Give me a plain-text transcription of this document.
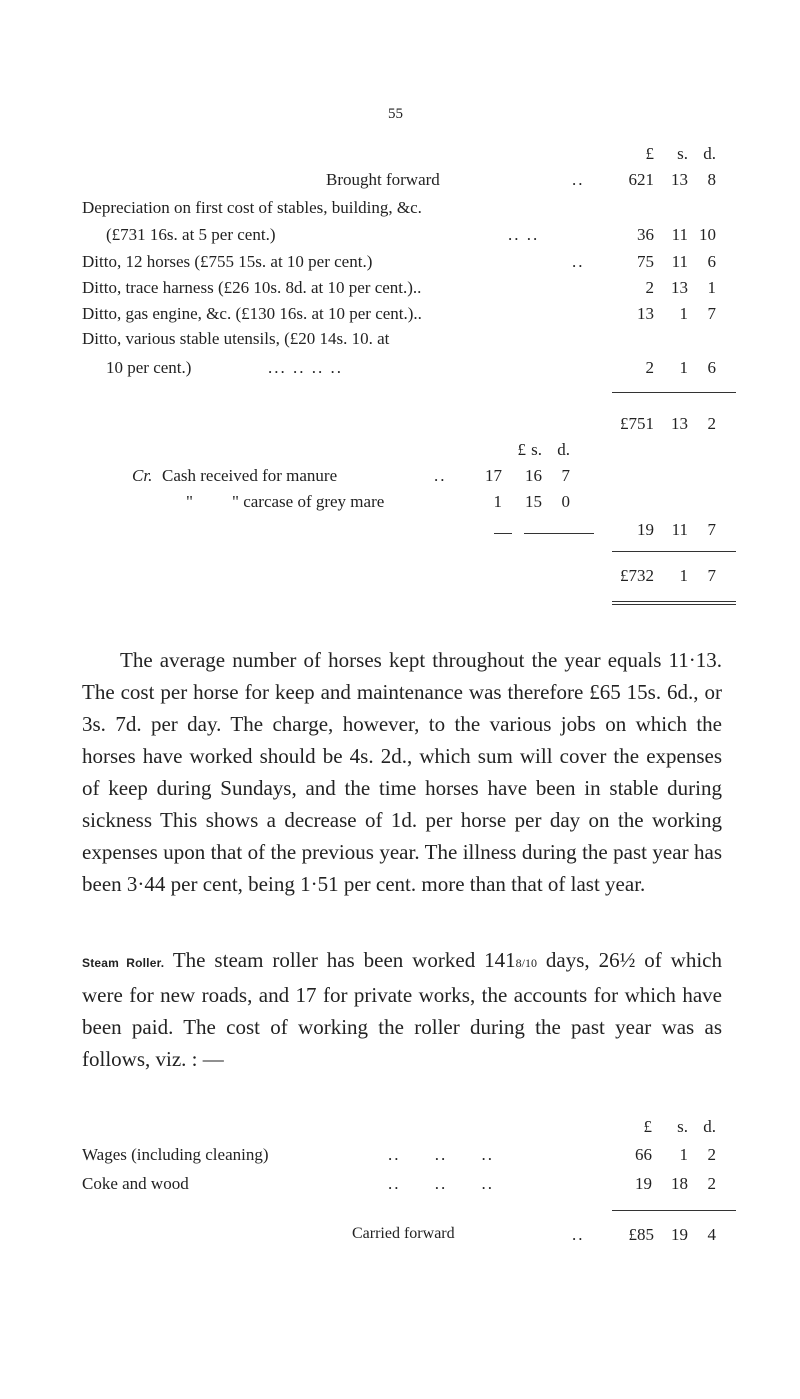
55
£	s. d.
Brought forward	..	621	13	8
Depreciation on first cost of stables, building, &c.
(£731 16s. at 5 per cent.)	.. ..	36	11 10
Ditto, 12 horses (£755 15s. at 10 per cent.)	..	75	11	6
Ditto, trace harness (£26 10s. 8d. at 10 per cent.)..	2	13	1
Ditto, gas engine, &c. (£130 16s. at 10 per cent.)..	13	1	7
Ditto, various stable utensils, (£20 14s. 10. at
10 per cent.)	... .. .. ..	2	1	6
£751	13	2
£ s. d.
Cr. Cash received for manure	..	17	16	7
" " carcase of grey mare	1	15	0
19	11	7
£732	1	7
The average number of horses kept throughout the year equals 11·13. The cost per horse for keep and maintenance was therefore £65 15s. 6d., or 3s. 7d. per day. The charge, however, to the various jobs on which the horses have worked should be 4s. 2d., which sum will cover the expenses of keep during Sundays, and the time horses have been in stable during sickness This shows a decrease of 1d. per horse per day on the working expenses upon that of the previous year. The illness during the past year has been 3·44 per cent, being 1·51 per cent. more than that of last year.
Steam Roller. The steam roller has been worked 1418/10 days, 26½ of which were for new roads, and 17 for private works, the accounts for which have been paid. The cost of working the roller during the past year was as follows, viz. : —
£	s. d.
Wages (including cleaning)	.. .. ..	66	1	2
Coke and wood	.. .. ..	19	18	2
Carried forward	..	£85	19	4
